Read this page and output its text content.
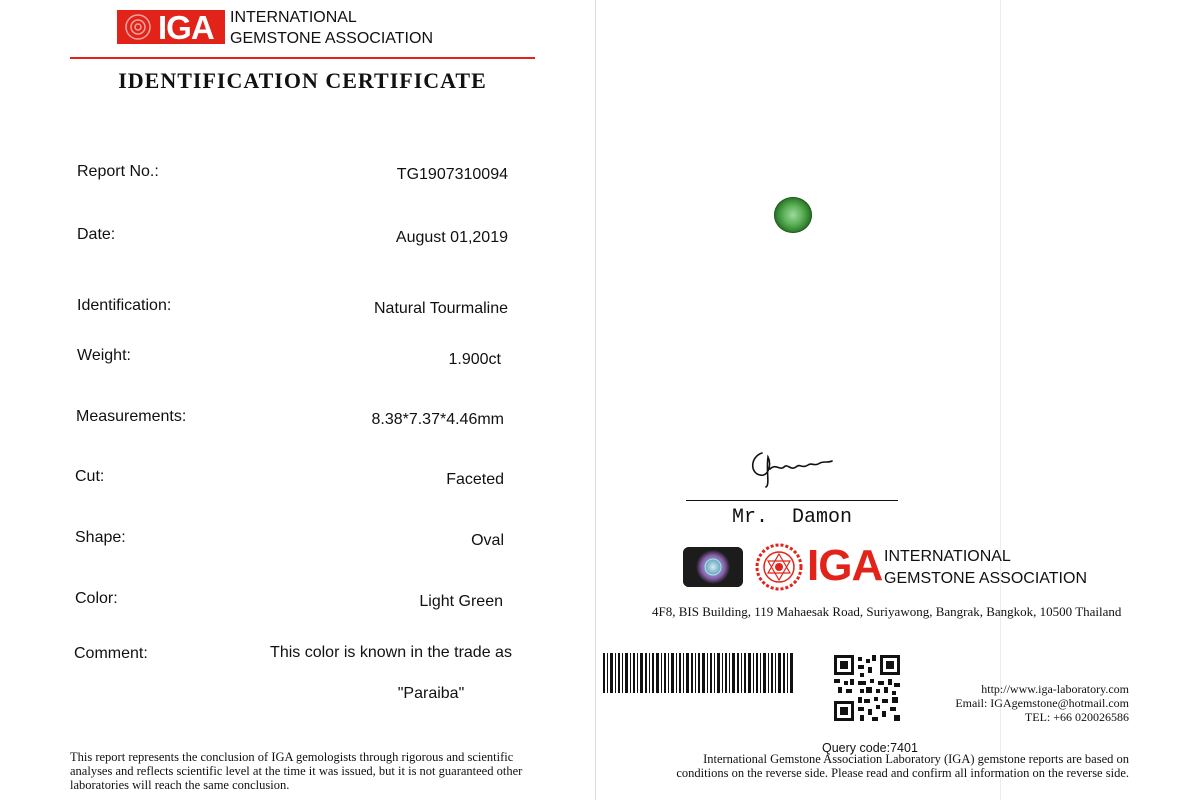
IGA INTERNATIONAL
GEMSTONE ASSOCIATION
IDENTIFICATION CERTIFICATE
Report No.:	TG1907310094
Date:	August 01,2019
Identification:	Natural Tourmaline
Weight:	1.900ct
Measurements:	8.38*7.37*4.46mm
Cut:	Faceted
Shape:	Oval
Color:	Light Green
Comment:	This color is known in the trade as
"Paraiba"
This report represents the conclusion of IGA gemologists through rigorous and scientific analyses and reflects scientific level at the time it was issued, but it is not guaranteed other laboratories will reach the same conclusion.
Mr.  Damon
IGA INTERNATIONAL
GEMSTONE ASSOCIATION
4F8, BIS Building, 119 Mahaesak Road, Suriyawong, Bangrak, Bangkok, 10500 Thailand
http://www.iga-laboratory.com
Email: IGAgemstone@hotmail.com
TEL: +66 020026586
Query code:7401
International Gemstone Association Laboratory (IGA) gemstone reports are based on conditions on the reverse side. Please read and confirm all information on the reverse side.
